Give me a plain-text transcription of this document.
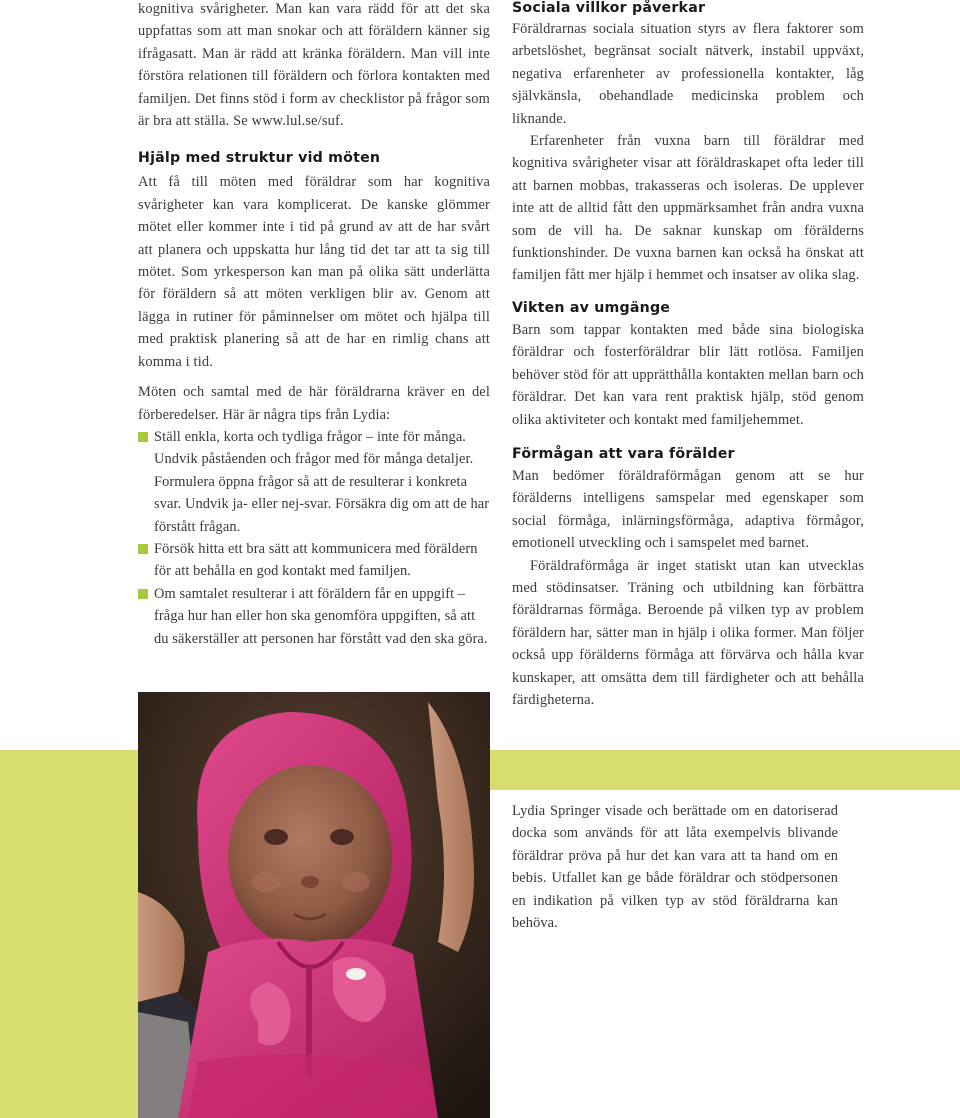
Lydia Springer visade och berättade om en datoriserad docka som används för att låta exempelvis blivande föräldrar pröva på hur det kan vara att ta hand om en bebis. Utfallet kan ge både föräldrar och stödpersonen en indikation på vilken typ av stöd föräldrarna kan behöva.

kognitiva svårigheter. Man kan vara rädd för att det ska uppfattas som att man snokar och att föräldern känner sig ifrågasatt. Man är rädd att kränka föräldern. Man vill inte förstöra relationen till föräldern och förlora kontakten med familjen. Det finns stöd i form av checklistor på frågor som är bra att ställa. Se www.lul.se/suf.

Hjälp med struktur vid möten

Att få till möten med föräldrar som har kognitiva svårigheter kan vara komplicerat. De kanske glömmer mötet eller kommer inte i tid på grund av att de har svårt att planera och uppskatta hur lång tid det tar att ta sig till mötet. Som yrkesperson kan man på olika sätt underlätta för föräldern så att möten verkligen blir av. Genom att lägga in rutiner för påminnelser om mötet och hjälpa till med praktisk planering så att de har en rimlig chans att komma i tid.

Möten och samtal med de här föräldrarna kräver en del förberedelser. Här är några tips från Lydia:

Ställ enkla, korta och tydliga frågor – inte för många. Undvik påståenden och frågor med för många detaljer. Formulera öppna frågor så att de resulterar i konkreta svar. Undvik ja- eller nej-svar. Försäkra dig om att de har förstått frågan.
Försök hitta ett bra sätt att kommunicera med föräldern för att behålla en god kontakt med familjen.
Om samtalet resulterar i att föräldern får en uppgift – fråga hur han eller hon ska genomföra uppgiften, så att du säkerställer att personen har förstått vad den ska göra.
Sociala villkor påverkar

Föräldrarnas sociala situation styrs av flera faktorer som arbetslöshet, begränsat socialt nätverk, instabil uppväxt, negativa erfarenheter av professionella kontakter, låg självkänsla, obehandlade medicinska problem och liknande.

Erfarenheter från vuxna barn till föräldrar med kognitiva svårigheter visar att föräldraskapet ofta leder till att barnen mobbas, trakasseras och isoleras. De upplever inte att de alltid fått den uppmärksamhet från andra vuxna som de vill ha. De saknar kunskap om förälderns funktionshinder. De vuxna barnen kan också ha önskat att familjen fått mer hjälp i hemmet och insatser av olika slag.

Vikten av umgänge

Barn som tappar kontakten med både sina biologiska föräldrar och fosterföräldrar blir lätt rotlösa. Familjen behöver stöd för att upprätthålla kontakten mellan barn och föräldrar. Det kan vara rent praktisk hjälp, stöd genom olika aktiviteter och kontakt med familjehemmet.

Förmågan att vara förälder

Man bedömer föräldraförmågan genom att se hur förälderns intelligens samspelar med egenskaper som social förmåga, inlärningsförmåga, adaptiva förmågor, emotionell utveckling och i samspelet med barnet.

Föräldraförmåga är inget statiskt utan kan utvecklas med stödinsatser. Träning och utbildning kan förbättra föräldrarnas förmåga. Beroende på vilken typ av problem föräldern har, sätter man in hjälp i olika former. Man följer också upp förälderns förmåga att förvärva och hålla kvar kunskaper, att omsätta dem till färdigheter och att behålla färdigheterna.
